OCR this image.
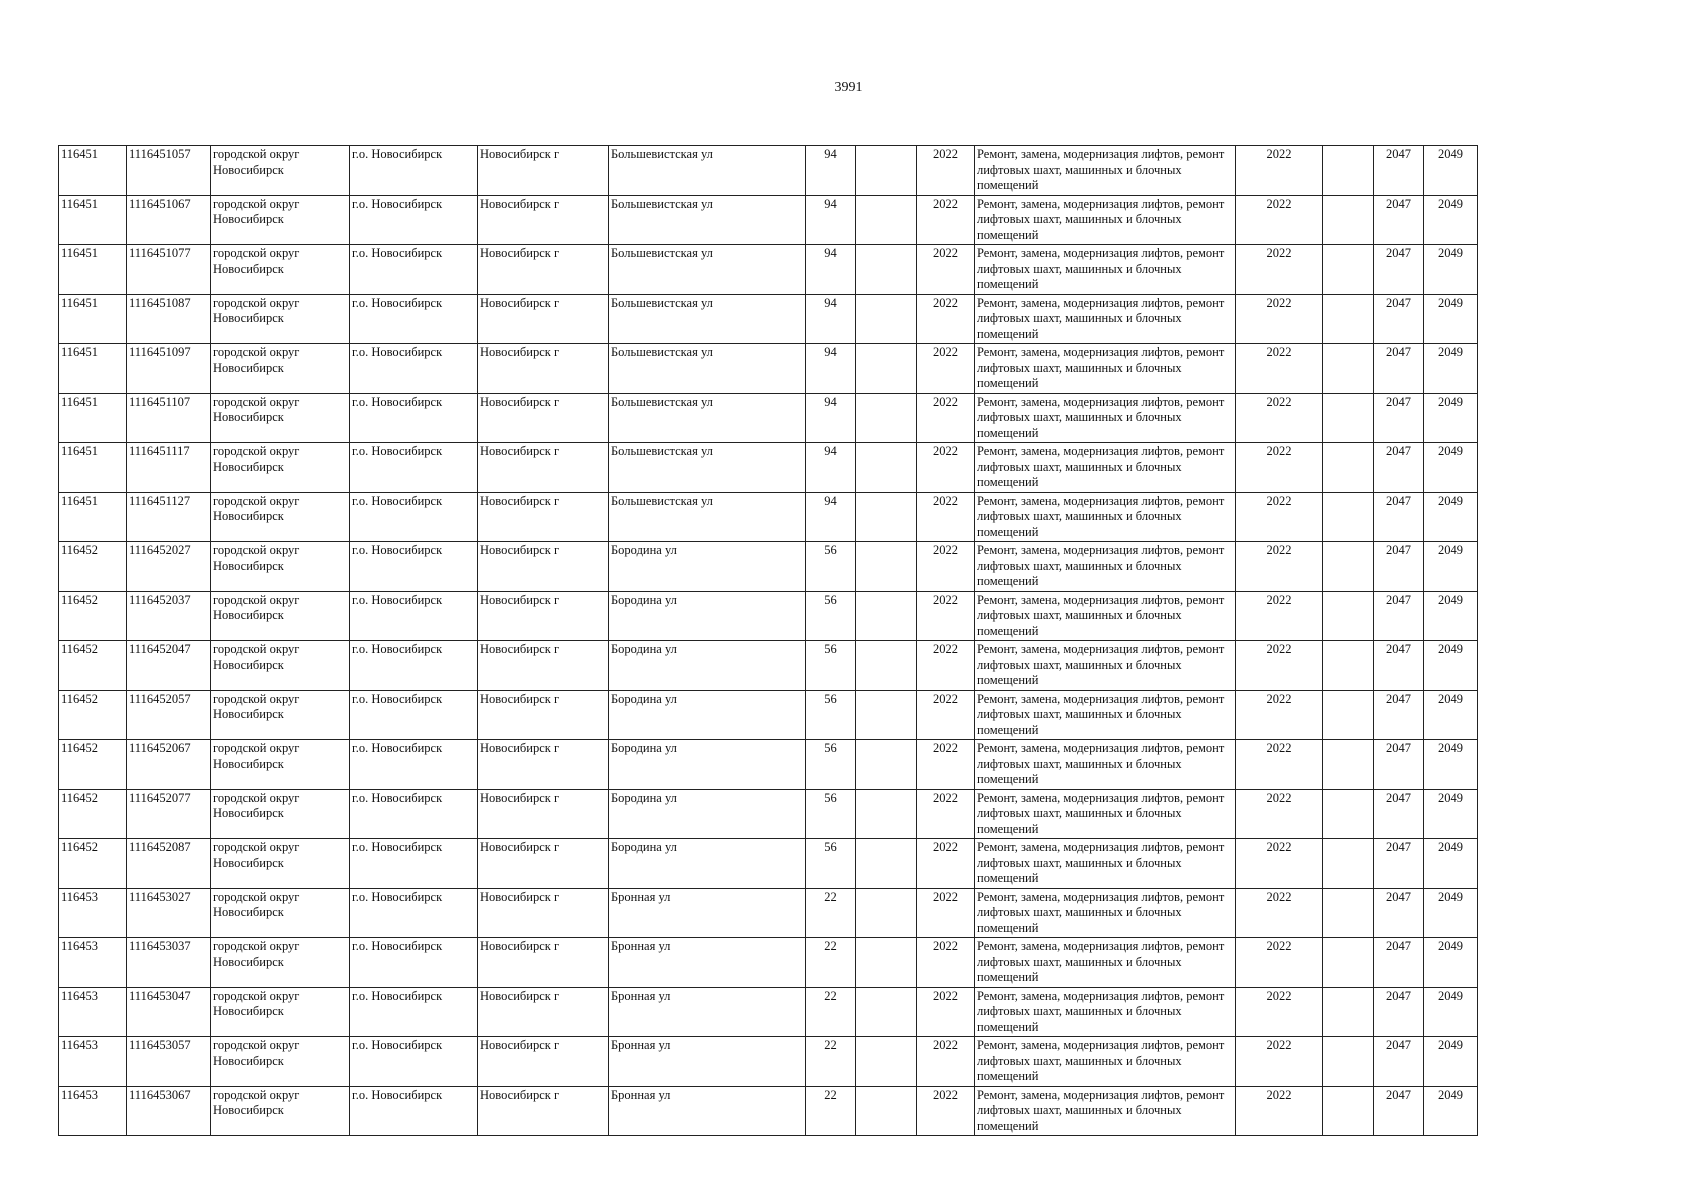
3991
116451	1116451057	городской округ Новосибирск	г.о. Новосибирск	Новосибирск г	Большевистская ул	94		2022	Ремонт, замена, модернизация лифтов, ремонт лифтовых шахт, машинных и блочных помещений	2022		2047	2049
116451	1116451067	городской округ Новосибирск	г.о. Новосибирск	Новосибирск г	Большевистская ул	94		2022	Ремонт, замена, модернизация лифтов, ремонт лифтовых шахт, машинных и блочных помещений	2022		2047	2049
116451	1116451077	городской округ Новосибирск	г.о. Новосибирск	Новосибирск г	Большевистская ул	94		2022	Ремонт, замена, модернизация лифтов, ремонт лифтовых шахт, машинных и блочных помещений	2022		2047	2049
116451	1116451087	городской округ Новосибирск	г.о. Новосибирск	Новосибирск г	Большевистская ул	94		2022	Ремонт, замена, модернизация лифтов, ремонт лифтовых шахт, машинных и блочных помещений	2022		2047	2049
116451	1116451097	городской округ Новосибирск	г.о. Новосибирск	Новосибирск г	Большевистская ул	94		2022	Ремонт, замена, модернизация лифтов, ремонт лифтовых шахт, машинных и блочных помещений	2022		2047	2049
116451	1116451107	городской округ Новосибирск	г.о. Новосибирск	Новосибирск г	Большевистская ул	94		2022	Ремонт, замена, модернизация лифтов, ремонт лифтовых шахт, машинных и блочных помещений	2022		2047	2049
116451	1116451117	городской округ Новосибирск	г.о. Новосибирск	Новосибирск г	Большевистская ул	94		2022	Ремонт, замена, модернизация лифтов, ремонт лифтовых шахт, машинных и блочных помещений	2022		2047	2049
116451	1116451127	городской округ Новосибирск	г.о. Новосибирск	Новосибирск г	Большевистская ул	94		2022	Ремонт, замена, модернизация лифтов, ремонт лифтовых шахт, машинных и блочных помещений	2022		2047	2049
116452	1116452027	городской округ Новосибирск	г.о. Новосибирск	Новосибирск г	Бородина ул	56		2022	Ремонт, замена, модернизация лифтов, ремонт лифтовых шахт, машинных и блочных помещений	2022		2047	2049
116452	1116452037	городской округ Новосибирск	г.о. Новосибирск	Новосибирск г	Бородина ул	56		2022	Ремонт, замена, модернизация лифтов, ремонт лифтовых шахт, машинных и блочных помещений	2022		2047	2049
116452	1116452047	городской округ Новосибирск	г.о. Новосибирск	Новосибирск г	Бородина ул	56		2022	Ремонт, замена, модернизация лифтов, ремонт лифтовых шахт, машинных и блочных помещений	2022		2047	2049
116452	1116452057	городской округ Новосибирск	г.о. Новосибирск	Новосибирск г	Бородина ул	56		2022	Ремонт, замена, модернизация лифтов, ремонт лифтовых шахт, машинных и блочных помещений	2022		2047	2049
116452	1116452067	городской округ Новосибирск	г.о. Новосибирск	Новосибирск г	Бородина ул	56		2022	Ремонт, замена, модернизация лифтов, ремонт лифтовых шахт, машинных и блочных помещений	2022		2047	2049
116452	1116452077	городской округ Новосибирск	г.о. Новосибирск	Новосибирск г	Бородина ул	56		2022	Ремонт, замена, модернизация лифтов, ремонт лифтовых шахт, машинных и блочных помещений	2022		2047	2049
116452	1116452087	городской округ Новосибирск	г.о. Новосибирск	Новосибирск г	Бородина ул	56		2022	Ремонт, замена, модернизация лифтов, ремонт лифтовых шахт, машинных и блочных помещений	2022		2047	2049
116453	1116453027	городской округ Новосибирск	г.о. Новосибирск	Новосибирск г	Бронная ул	22		2022	Ремонт, замена, модернизация лифтов, ремонт лифтовых шахт, машинных и блочных помещений	2022		2047	2049
116453	1116453037	городской округ Новосибирск	г.о. Новосибирск	Новосибирск г	Бронная ул	22		2022	Ремонт, замена, модернизация лифтов, ремонт лифтовых шахт, машинных и блочных помещений	2022		2047	2049
116453	1116453047	городской округ Новосибирск	г.о. Новосибирск	Новосибирск г	Бронная ул	22		2022	Ремонт, замена, модернизация лифтов, ремонт лифтовых шахт, машинных и блочных помещений	2022		2047	2049
116453	1116453057	городской округ Новосибирск	г.о. Новосибирск	Новосибирск г	Бронная ул	22		2022	Ремонт, замена, модернизация лифтов, ремонт лифтовых шахт, машинных и блочных помещений	2022		2047	2049
116453	1116453067	городской округ Новосибирск	г.о. Новосибирск	Новосибирск г	Бронная ул	22		2022	Ремонт, замена, модернизация лифтов, ремонт лифтовых шахт, машинных и блочных помещений	2022		2047	2049
